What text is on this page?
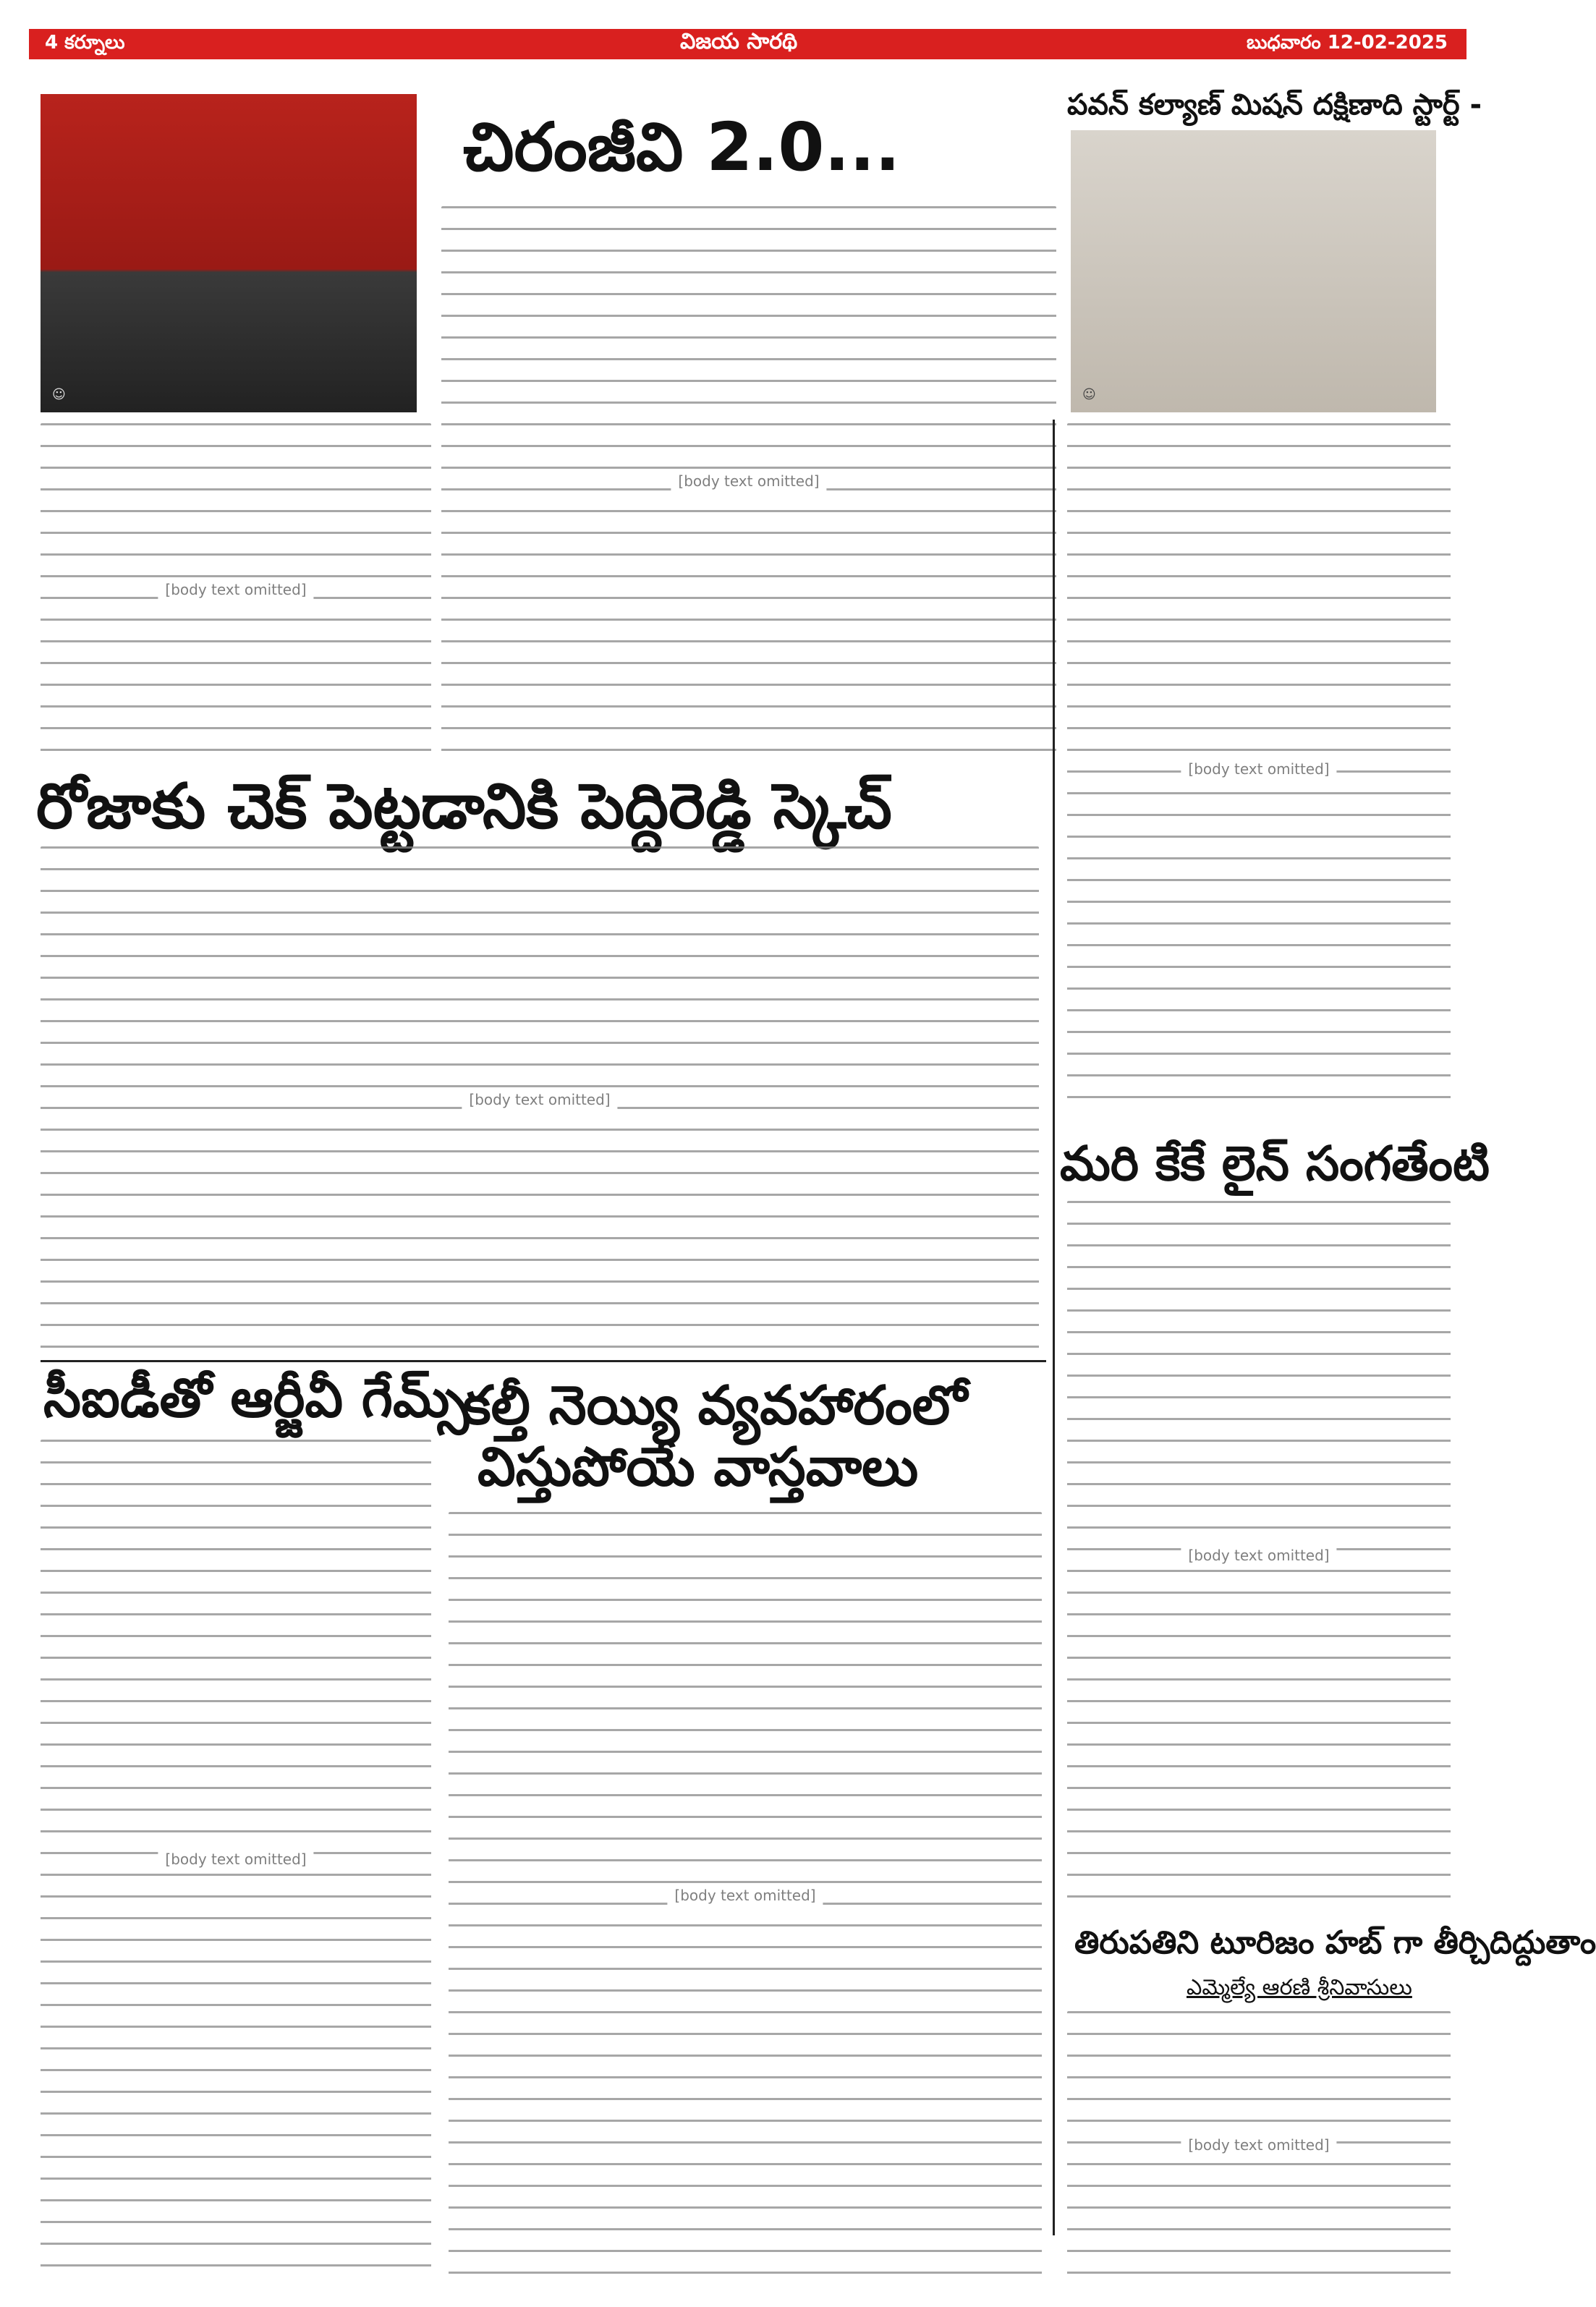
4 కర్నూలు	విజయ సారథి	బుధవారం 12-02-2025
☺
చిరంజీవి 2.0...
[body text omitted]
[body text omitted]
పవన్ కల్యాణ్ మిషన్ దక్షిణాది స్టార్ట్ -
☺
[body text omitted]
రోజాకు చెక్ పెట్టడానికి పెద్దిరెడ్డి స్కెచ్
[body text omitted]
మరి కేకే లైన్ సంగతేంటి
[body text omitted]
సీఐడీతో ఆర్జీవీ గేమ్స్
[body text omitted]
కల్తీ నెయ్యి వ్యవహారంలో
విస్తుపోయే వాస్తవాలు
[body text omitted]
తిరుపతిని టూరిజం హబ్ గా తీర్చిదిద్దుతాం
ఎమ్మెల్యే ఆరణి శ్రీనివాసులు
[body text omitted]
